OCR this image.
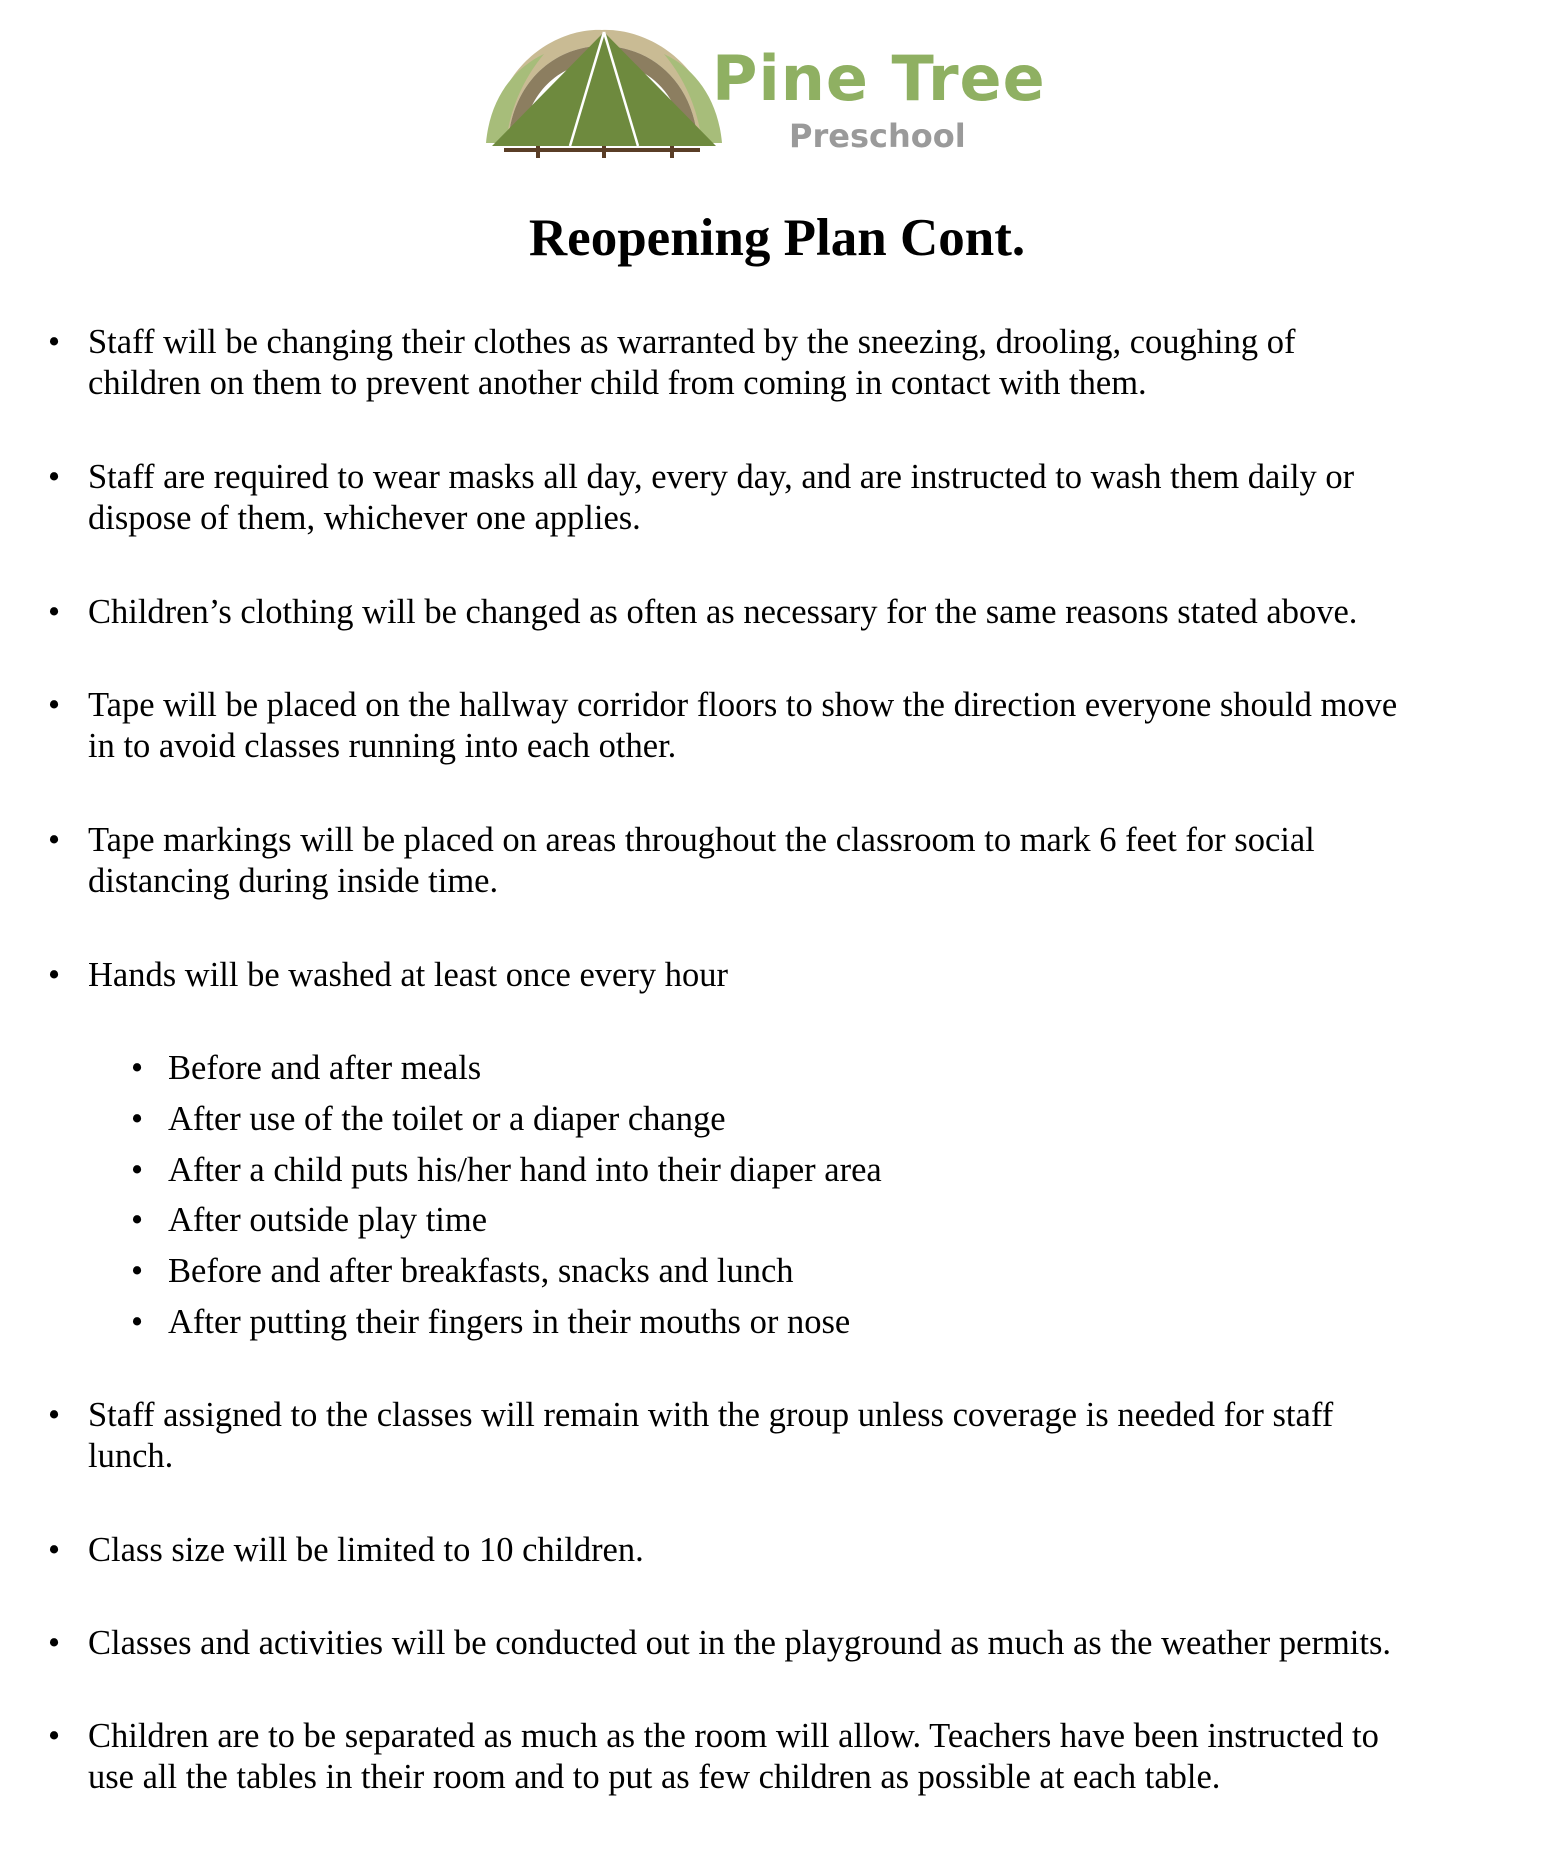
Pine Tree
Preschool
Reopening Plan Cont.
• Staff will be changing their clothes as warranted by the sneezing, drooling, coughing of
children on them to prevent another child from coming in contact with them.
• Staff are required to wear masks all day, every day, and are instructed to wash them daily or
dispose of them, whichever one applies.
• Children’s clothing will be changed as often as necessary for the same reasons stated above.
• Tape will be placed on the hallway corridor floors to show the direction everyone should move
in to avoid classes running into each other.
• Tape markings will be placed on areas throughout the classroom to mark 6 feet for social
distancing during inside time.
• Hands will be washed at least once every hour
• Before and after meals
• After use of the toilet or a diaper change
• After a child puts his/her hand into their diaper area
• After outside play time
• Before and after breakfasts, snacks and lunch
• After putting their fingers in their mouths or nose
• Staff assigned to the classes will remain with the group unless coverage is needed for staff
lunch.
• Class size will be limited to 10 children.
• Classes and activities will be conducted out in the playground as much as the weather permits.
• Children are to be separated as much as the room will allow. Teachers have been instructed to
use all the tables in their room and to put as few children as possible at each table.
